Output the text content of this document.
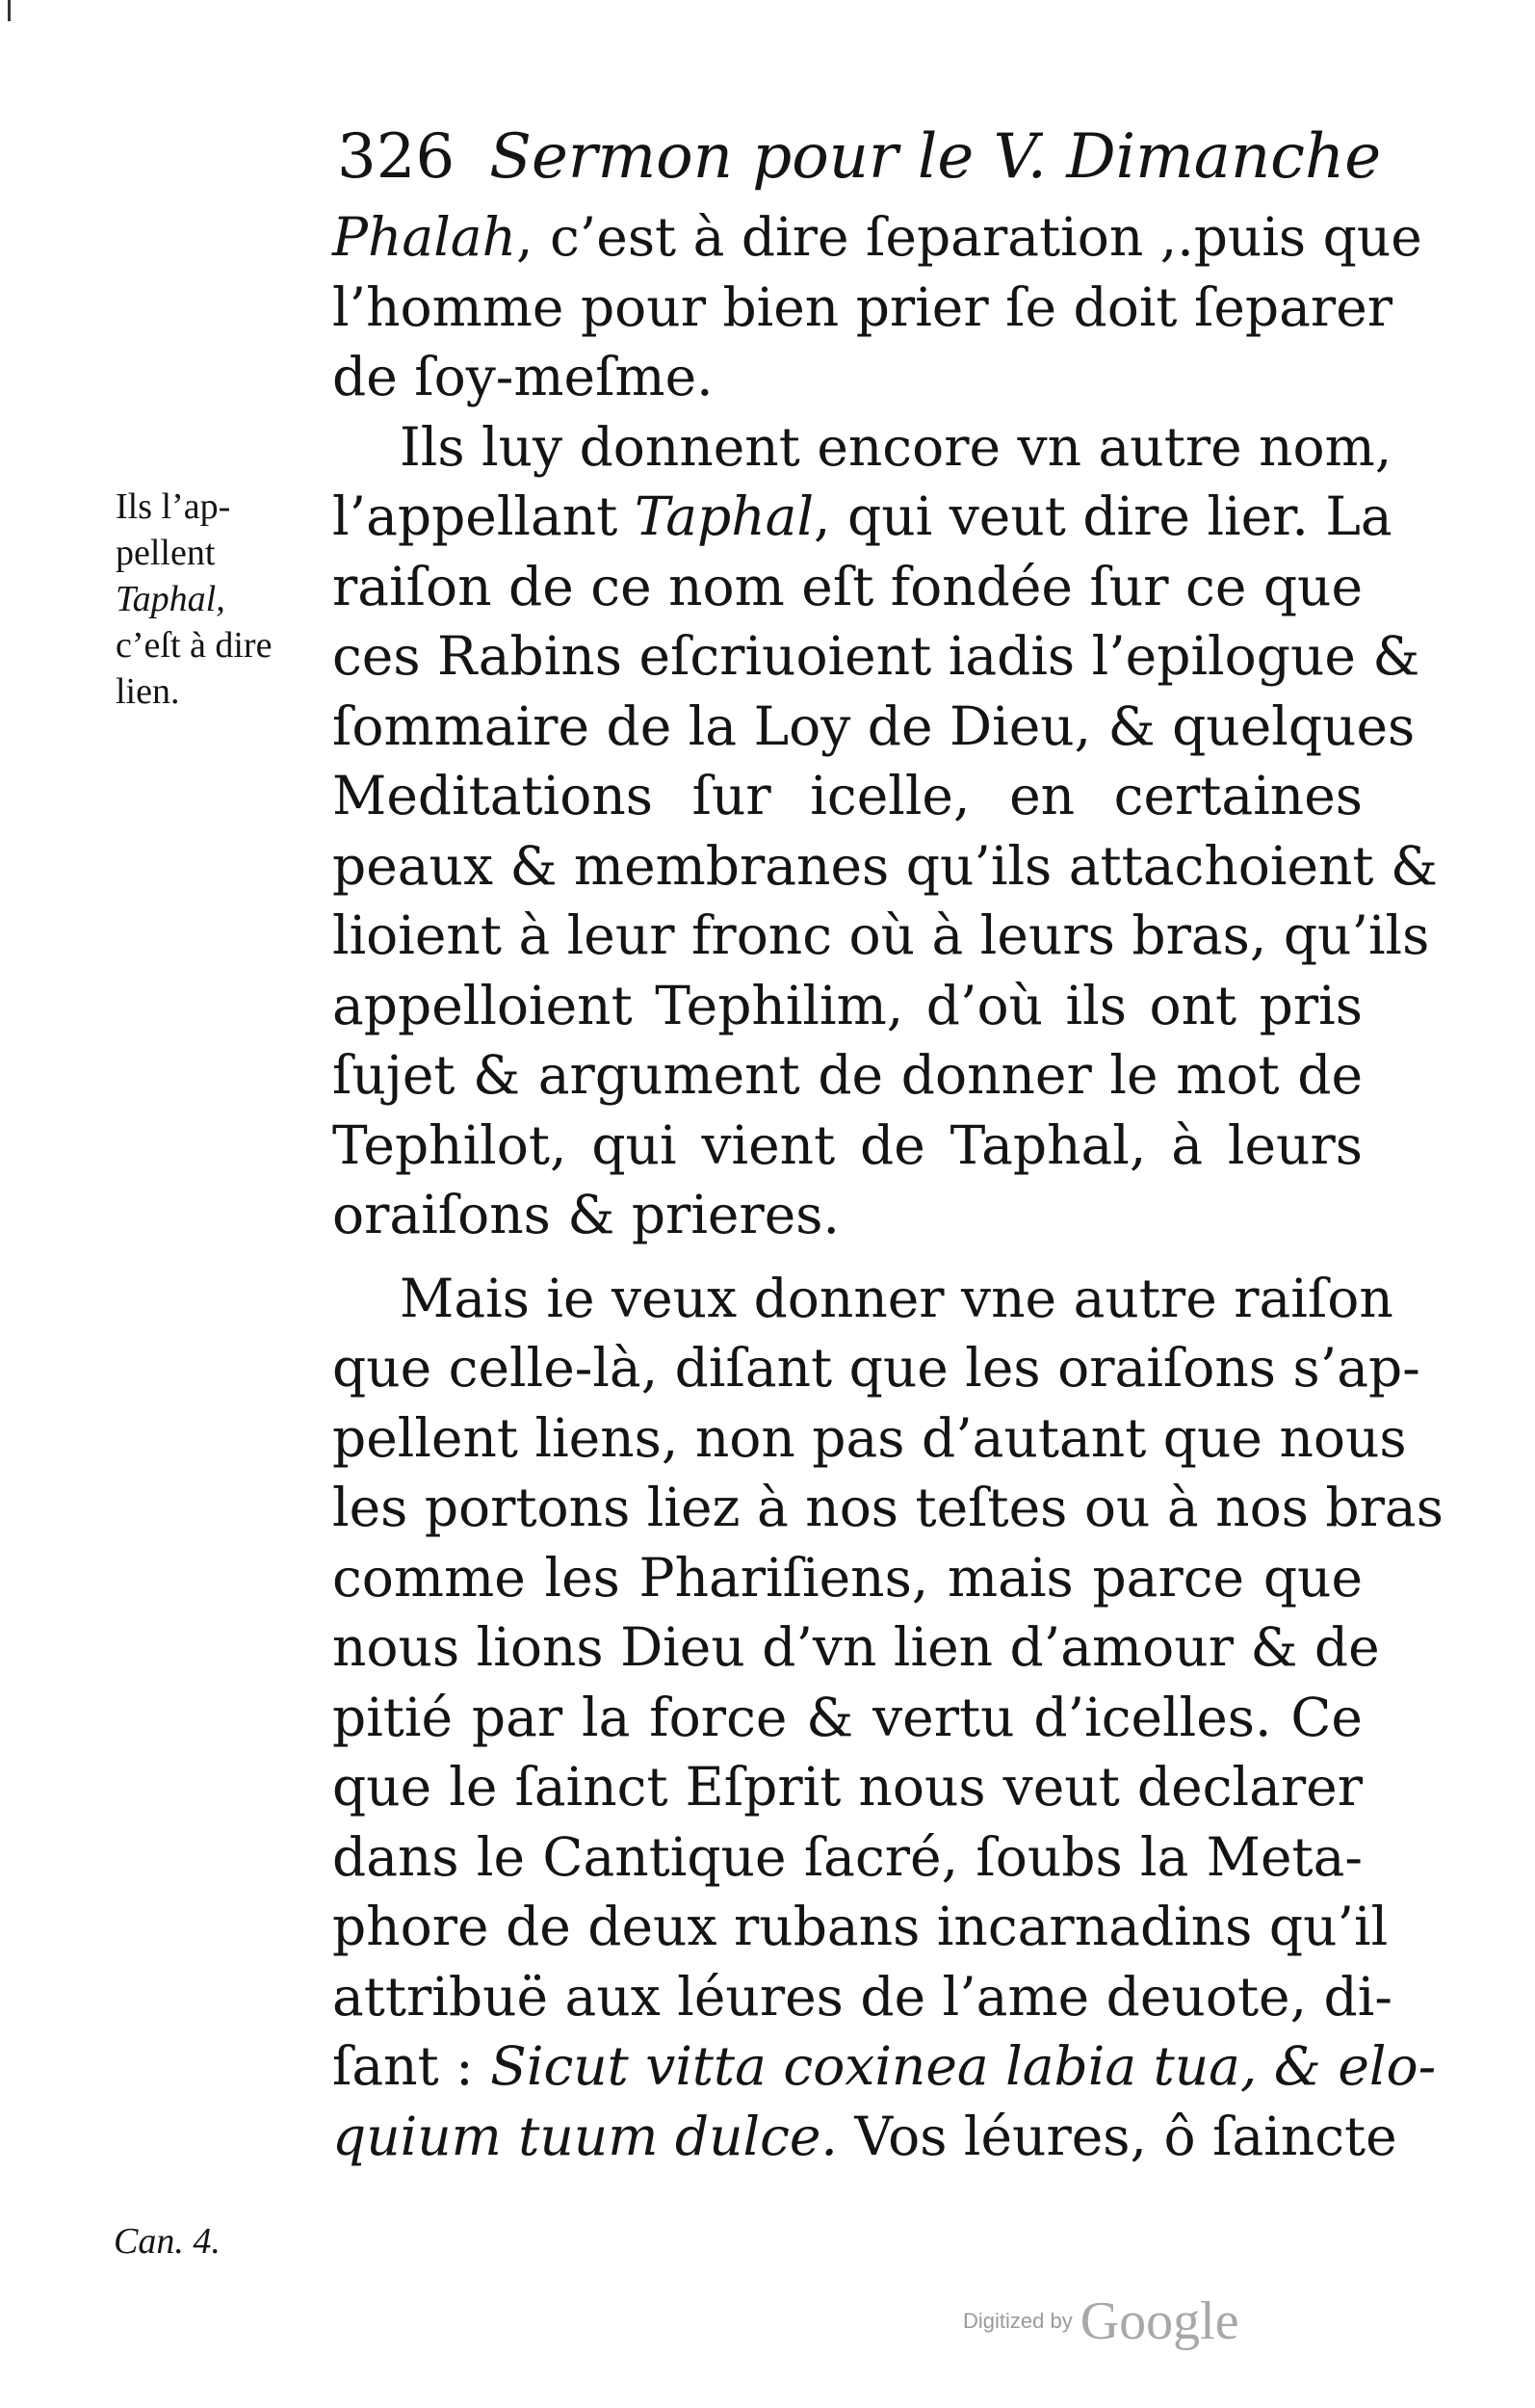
326 Sermon pour le V. Dimanche
Phalah, c’est à dire ſeparation ,.puis que
l’homme pour bien prier ſe doit ſeparer
de ſoy-meſme.
Ils luy donnent encore vn autre nom,
l’appellant Taphal, qui veut dire lier. La
raiſon de ce nom eſt fondée ſur ce que
ces Rabins eſcriuoient iadis l’epilogue &
ſommaire de la Loy de Dieu, & quelques
Meditations ſur icelle, en certaines
peaux & membranes qu’ils attachoient &
lioient à leur fronc où à leurs bras, qu’ils
appelloient Tephilim, d’où ils ont pris
ſujet & argument de donner le mot de
Tephilot, qui vient de Taphal, à leurs
oraiſons & prieres.
Mais ie veux donner vne autre raiſon
que celle-là, diſant que les oraiſons s’ap-
pellent liens, non pas d’autant que nous
les portons liez à nos teſtes ou à nos bras
comme les Phariſiens, mais parce que
nous lions Dieu d’vn lien d’amour & de
pitié par la force & vertu d’icelles. Ce
que le ſainct Eſprit nous veut declarer
dans le Cantique ſacré, ſoubs la Meta-
phore de deux rubans incarnadins qu’il
attribuë aux léures de l’ame deuote, di-
ſant : Sicut vitta coxinea labia tua, & elo-
quium tuum dulce. Vos léures, ô ſaincte
Ils l’ap-
pellent
Taphal,
c’eſt à dire
lien.
Can. 4.
Digitized by Google
